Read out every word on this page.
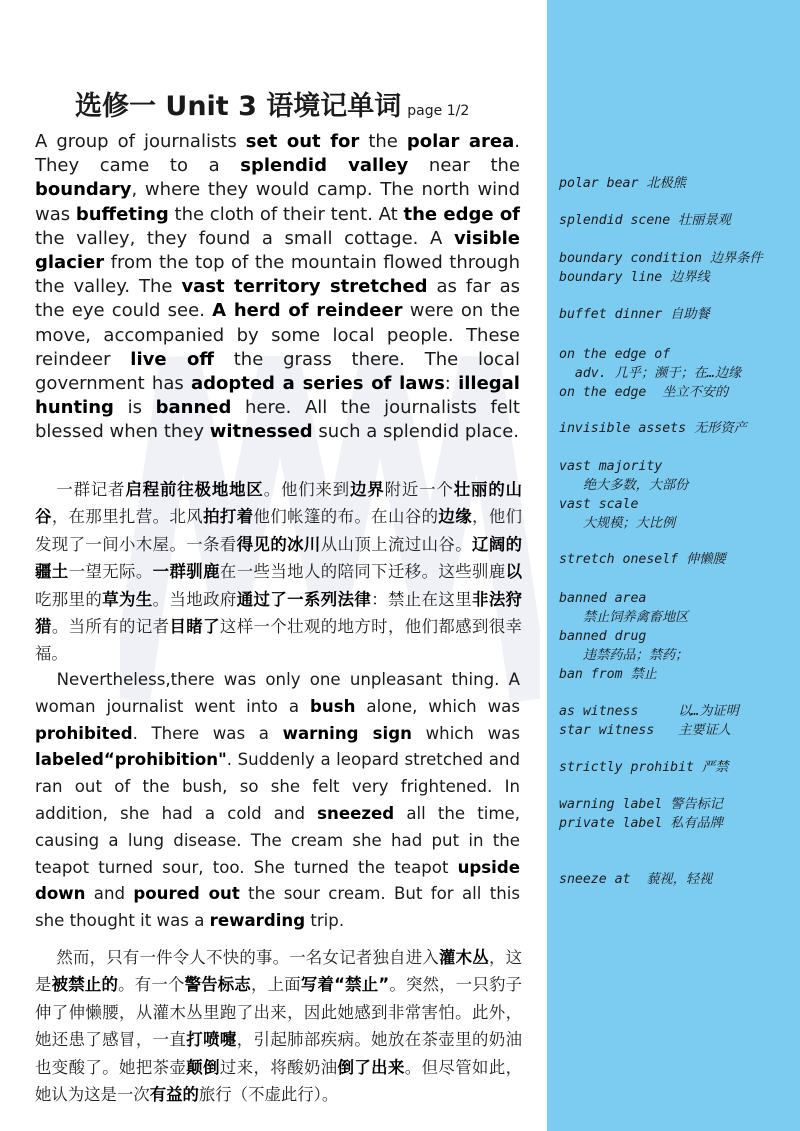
选修一 Unit 3 语境记单词 page 1/2

A group of journalists set out for the polar area. They came to a splendid valley near the boundary, where they would camp. The north wind was buffeting the cloth of their tent. At the edge of the valley, they found a small cottage. A visible glacier from the top of the mountain flowed through the valley. The vast territory stretched as far as the eye could see. A herd of reindeer were on the move, accompanied by some local people. These reindeer live off the grass there. The local government has adopted a series of laws: illegal hunting is banned here. All the journalists felt blessed when they witnessed such a splendid place.

一群记者启程前往极地地区。他们来到边界附近一个壮丽的山谷，在那里扎营。北风拍打着他们帐篷的布。在山谷的边缘，他们发现了一间小木屋。一条看得见的冰川从山顶上流过山谷。辽阔的疆土一望无际。一群驯鹿在一些当地人的陪同下迁移。这些驯鹿以吃那里的草为生。当地政府通过了一系列法律：禁止在这里非法狩猎。当所有的记者目睹了这样一个壮观的地方时，他们都感到很幸福。

Nevertheless,there was only one unpleasant thing. A woman journalist went into a bush alone, which was prohibited. There was a warning sign which was labeled“prohibition". Suddenly a leopard stretched and ran out of the bush, so she felt very frightened. In addition, she had a cold and sneezed all the time, causing a lung disease. The cream she had put in the teapot turned sour, too. She turned the teapot upside down and poured out the sour cream. But for all this she thought it was a rewarding trip.

然而，只有一件令人不快的事。一名女记者独自进入灌木丛，这是被禁止的。有一个警告标志，上面写着“禁止”。突然，一只豹子伸了伸懒腰，从灌木丛里跑了出来，因此她感到非常害怕。此外，她还患了感冒，一直打喷嚏，引起肺部疾病。她放在茶壶里的奶油也变酸了。她把茶壶颠倒过来，将酸奶油倒了出来。但尽管如此，她认为这是一次有益的旅行（不虚此行）。

polar bear 北极熊
splendid scene 壮丽景观
boundary condition 边界条件
boundary line 边界线
buffet dinner 自助餐
on the edge of
adv. 几乎；濒于；在…边缘
on the edge  坐立不安的
invisible assets 无形资产
vast majority
绝大多数，大部份
vast scale
大规模；大比例
stretch oneself 伸懒腰
banned area
禁止饲养禽畜地区
banned drug
违禁药品；禁药；
ban from 禁止
as witness     以…为证明
star witness   主要证人
strictly prohibit 严禁
warning label 警告标记
private label 私有品牌
sneeze at  藐视，轻视
